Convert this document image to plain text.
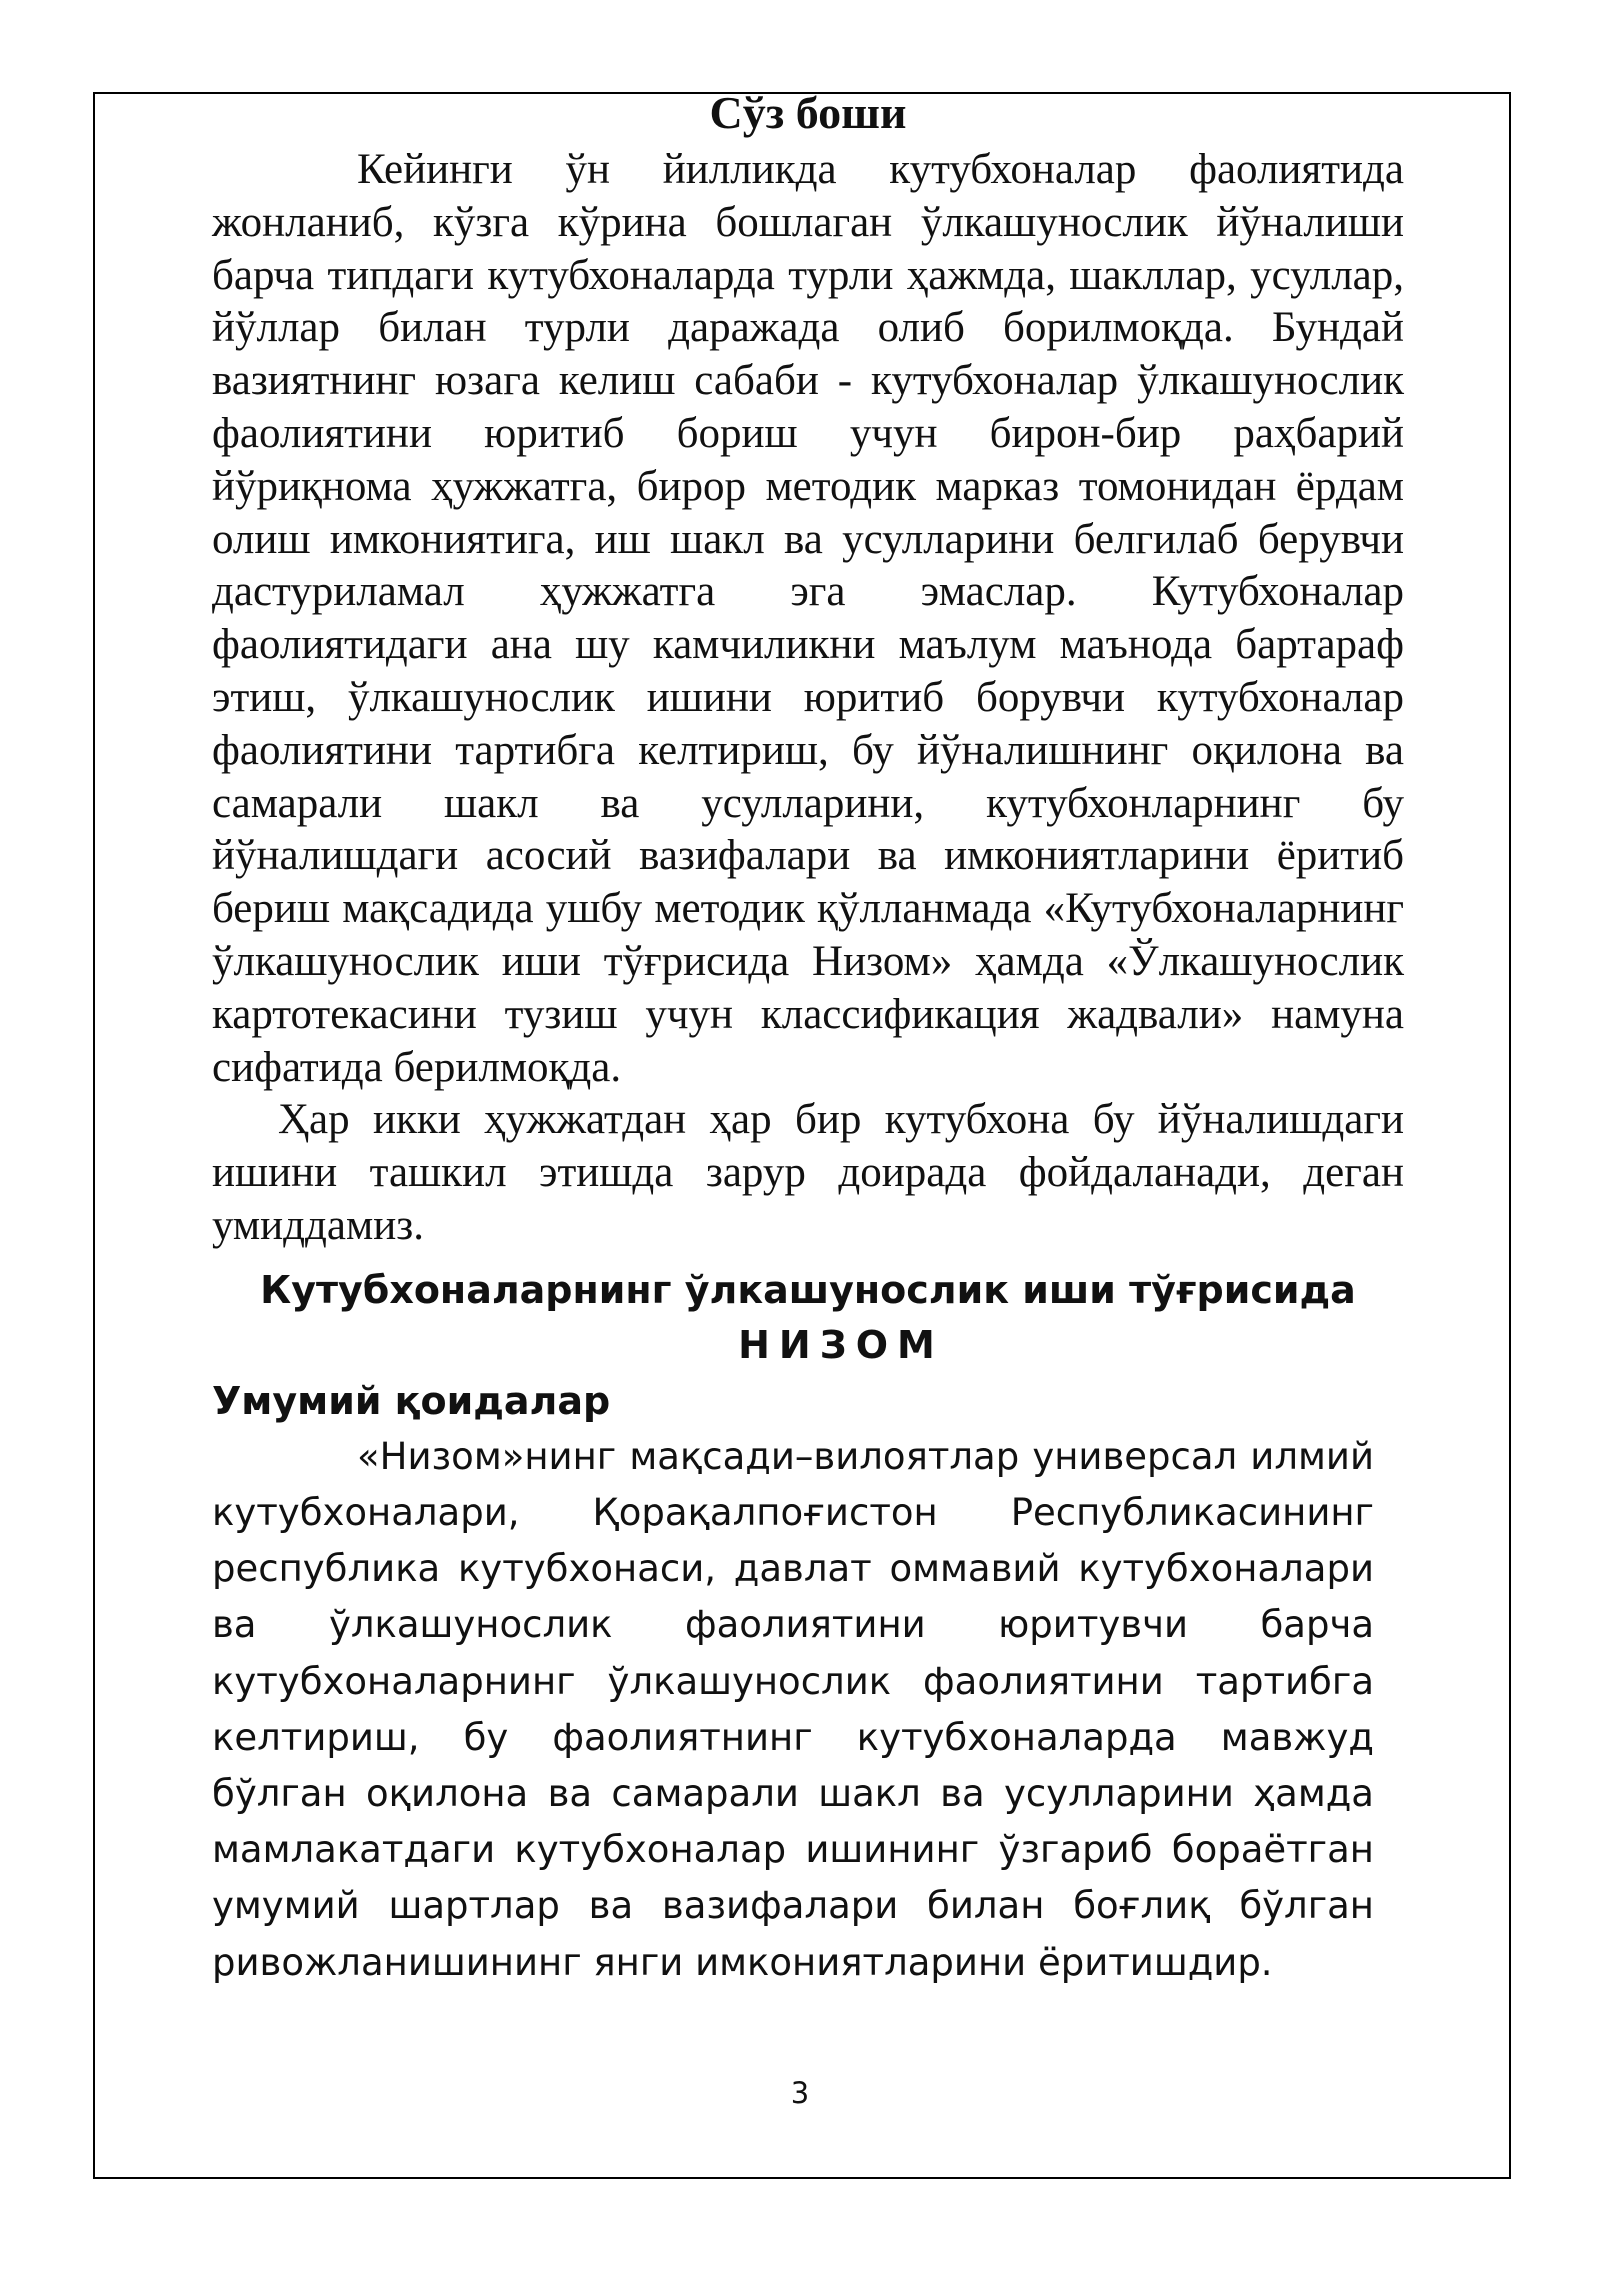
Сўз боши

Кейинги ўн йилликда кутубхоналар фаолиятида жонланиб, кўзга кўрина бошлаган ўлкашунослик йўналиши барча типдаги кутубхоналарда турли ҳажмда, шакллар, усуллар, йўллар билан турли даражада олиб борилмоқда. Бундай вазиятнинг юзага келиш сабаби - кутубхоналар ўлкашунослик фаолиятини юритиб бориш учун бирон-бир раҳбарий йўриқнома ҳужжатга, бирор методик марказ томонидан ёрдам олиш имкониятига, иш шакл ва усулларини белгилаб берувчи дастуриламал ҳужжатга эга эмаслар. Кутубхоналар фаолиятидаги ана шу камчиликни маълум маънода бартараф этиш, ўлкашунослик ишини юритиб борувчи кутубхоналар фаолиятини тартибга келтириш, бу йўналишнинг оқилона ва самарали шакл ва усулларини, кутубхонларнинг бу йўналишдаги асосий вазифалари ва имкониятларини ёритиб бериш мақсадида ушбу методик қўлланмада «Кутубхоналарнинг ўлкашунослик иши тўғрисида Низом» ҳамда «Ўлкашунослик картотекасини тузиш учун классификация жадвали» намуна сифатида берилмоқда.

Ҳар икки ҳужжатдан ҳар бир кутубхона бу йўналишдаги ишини ташкил этишда зарур доирада фойдаланади, деган умиддамиз.

Кутубхоналарнинг ўлкашунослик иши тўғрисида
НИЗОМ
Умумий қоидалар

«Низом»нинг мақсади–вилоятлар универсал илмий кутубхоналари, Қорақалпоғистон Республикасининг республика кутубхонаси, давлат оммавий кутубхоналари ва ўлкашунослик фаолиятини юритувчи барча кутубхоналарнинг ўлкашунослик фаолиятини тартибга келтириш, бу фаолиятнинг кутубхоналарда мавжуд бўлган оқилона ва самарали шакл ва усулларини ҳамда мамлакатдаги кутубхоналар ишининг ўзгариб бораётган умумий шартлар ва вазифалари билан боғлиқ бўлган ривожланишининг янги имкониятларини ёритишдир.

3
